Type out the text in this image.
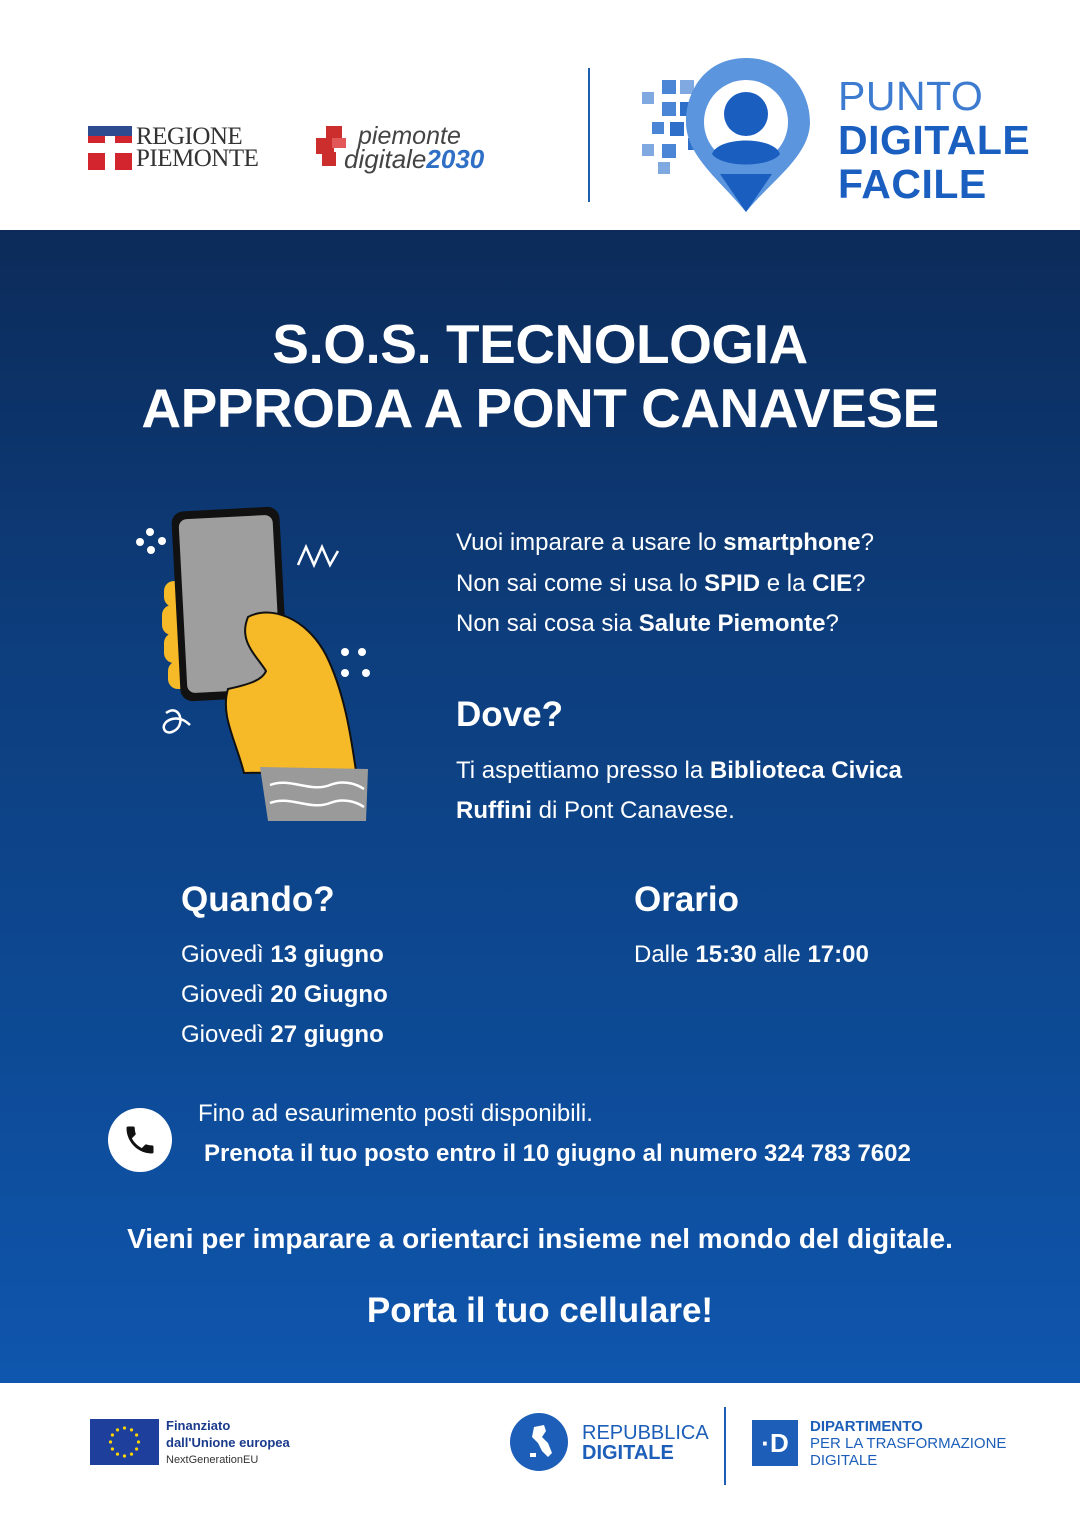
REGIONE
PIEMONTE
piemonte
digitale2030
PUNTO
DIGITALE
FACILE
S.O.S. TECNOLOGIA
APPRODA A PONT CANAVESE

Vuoi imparare a usare lo smartphone?

Non sai come si usa lo SPID e la CIE?

Non sai cosa sia Salute Piemonte?

Dove?

Ti aspettiamo presso la Biblioteca Civica Ruffini di Pont Canavese.

Quando?

Giovedì 13 giugno

Giovedì 20 Giugno

Giovedì 27 giugno

Orario

Dalle 15:30 alle 17:00

Fino ad esaurimento posti disponibili.

Prenota il tuo posto entro il 10 giugno al numero 324 783 7602

Vieni per imparare a orientarci insieme nel mondo del digitale.

Porta il tuo cellulare!

Finanziato
dall'Unione europea
NextGenerationEU
REPUBBLICA
DIGITALE	·D
DIPARTIMENTO
PER LA TRASFORMAZIONE
DIGITALE
